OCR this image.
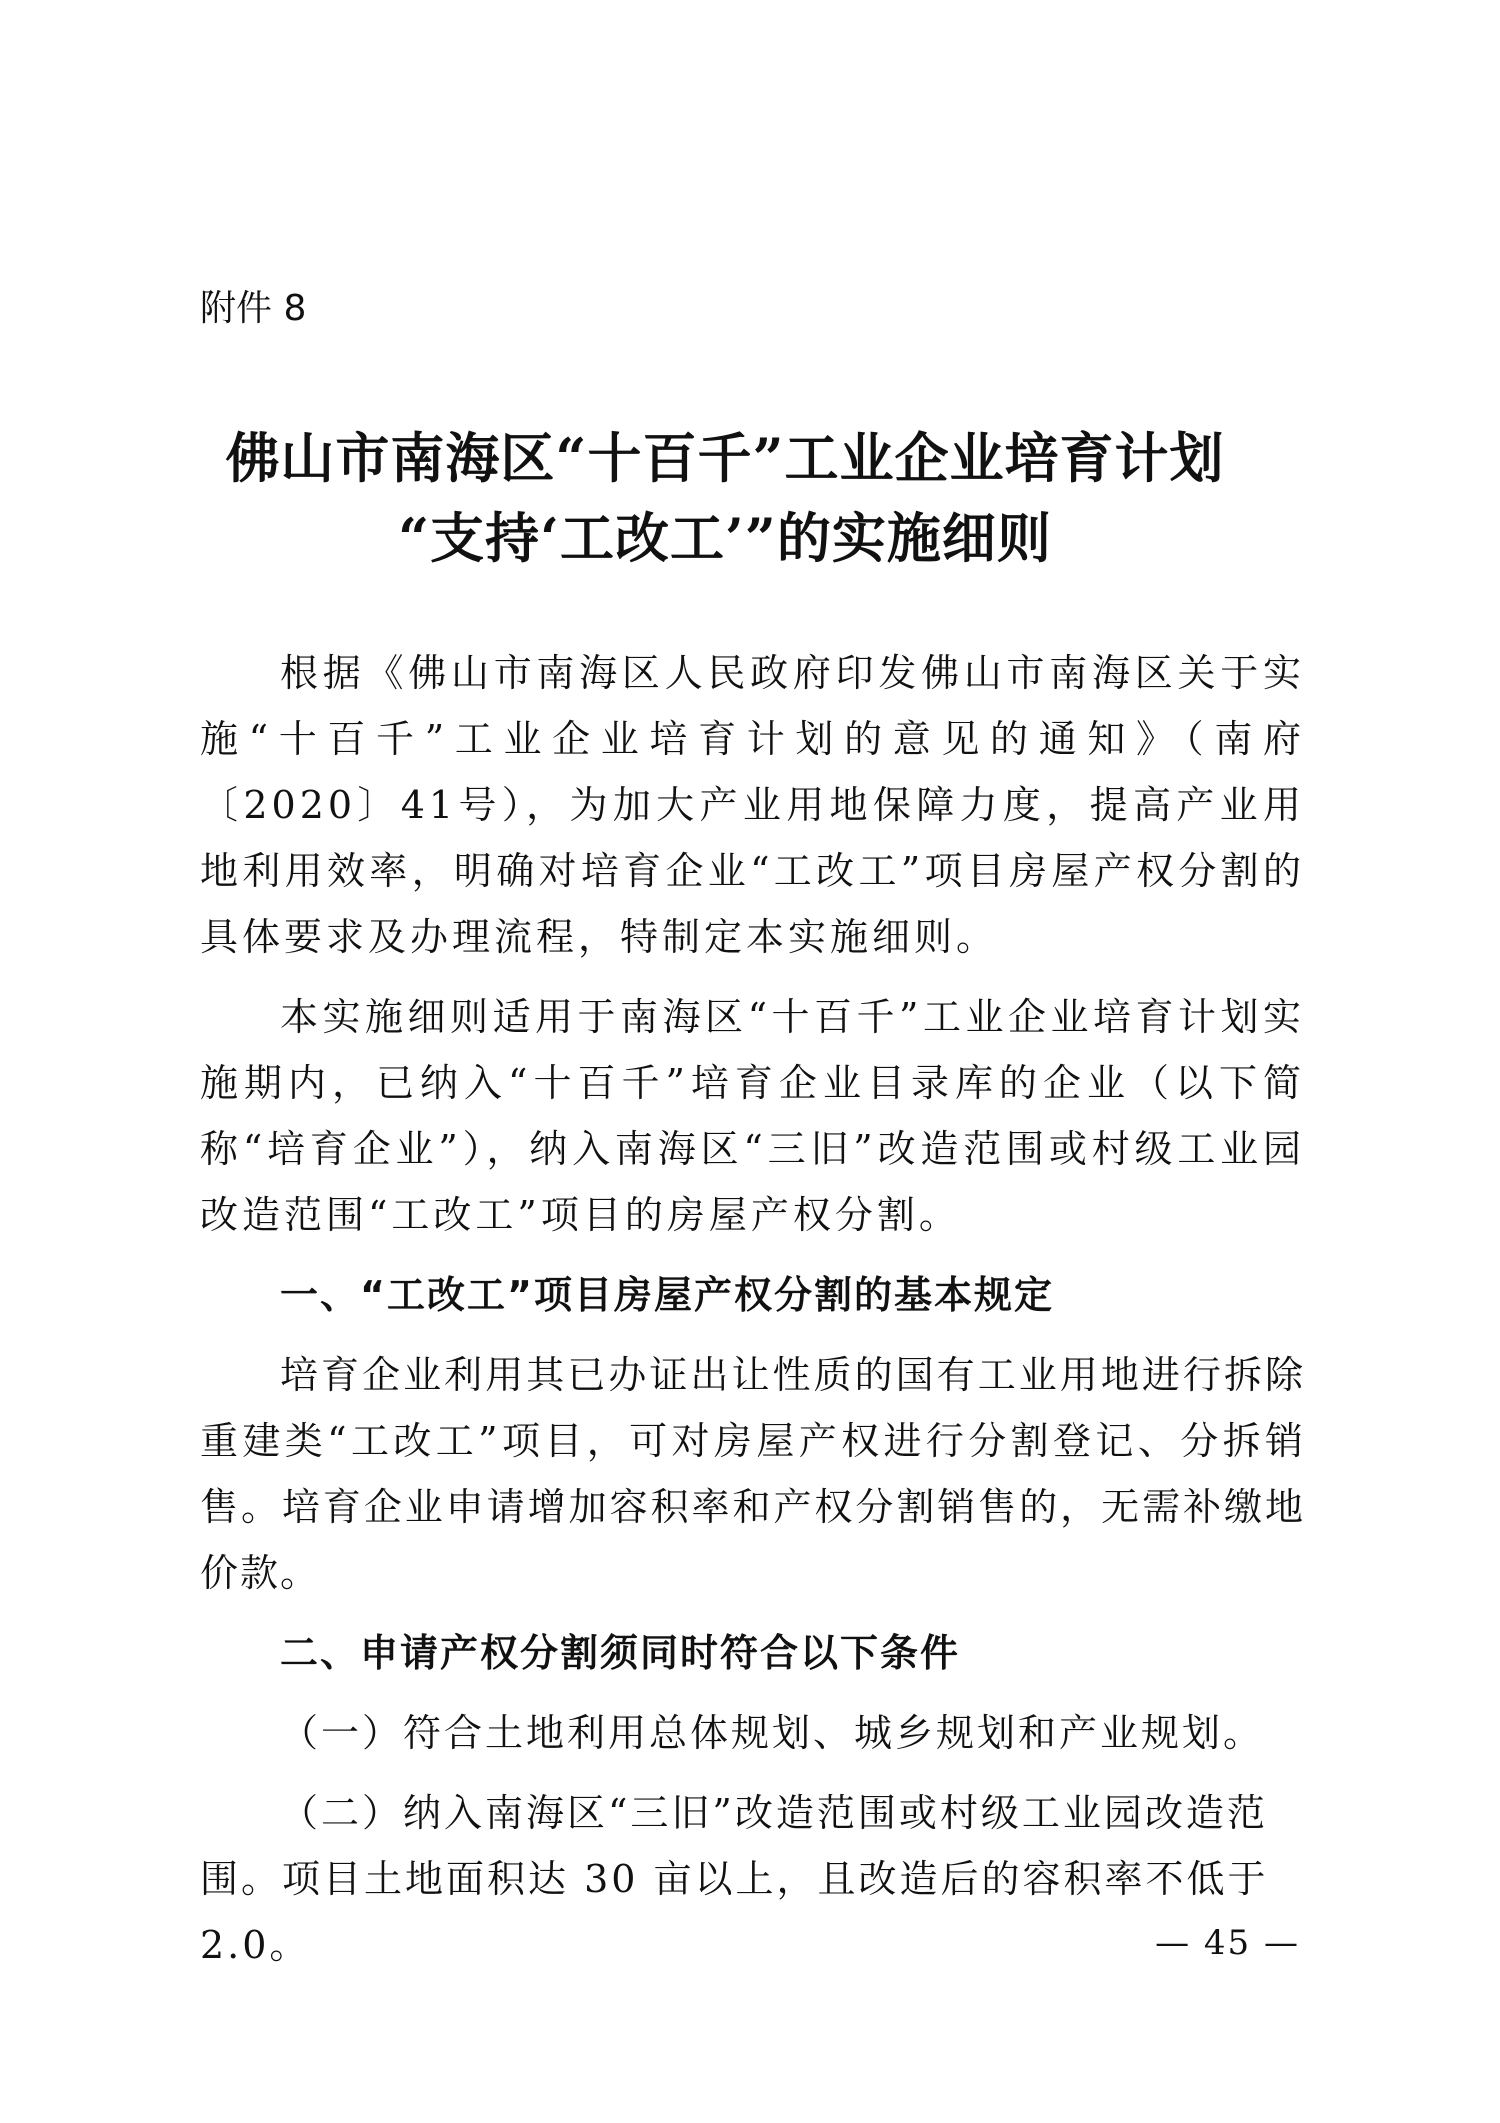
附件 8
佛山市南海区“十百千”工业企业培育计划
“支持‘工改工’”的实施细则

根据《佛山市南海区人民政府印发佛山市南海区关于实施“十百千”工业企业培育计划的意见的通知》（南府〔2020〕41号），为加大产业用地保障力度，提高产业用地利用效率，明确对培育企业“工改工”项目房屋产权分割的具体要求及办理流程，特制定本实施细则。

本实施细则适用于南海区“十百千”工业企业培育计划实施期内，已纳入“十百千”培育企业目录库的企业（以下简称“培育企业”），纳入南海区“三旧”改造范围或村级工业园改造范围“工改工”项目的房屋产权分割。

一、“工改工”项目房屋产权分割的基本规定

培育企业利用其已办证出让性质的国有工业用地进行拆除重建类“工改工”项目，可对房屋产权进行分割登记、分拆销售。培育企业申请增加容积率和产权分割销售的，无需补缴地价款。

二、申请产权分割须同时符合以下条件

（一）符合土地利用总体规划、城乡规划和产业规划。

（二）纳入南海区“三旧”改造范围或村级工业园改造范围。项目土地面积达 30 亩以上，且改造后的容积率不低于 2.0。	— 45 —
